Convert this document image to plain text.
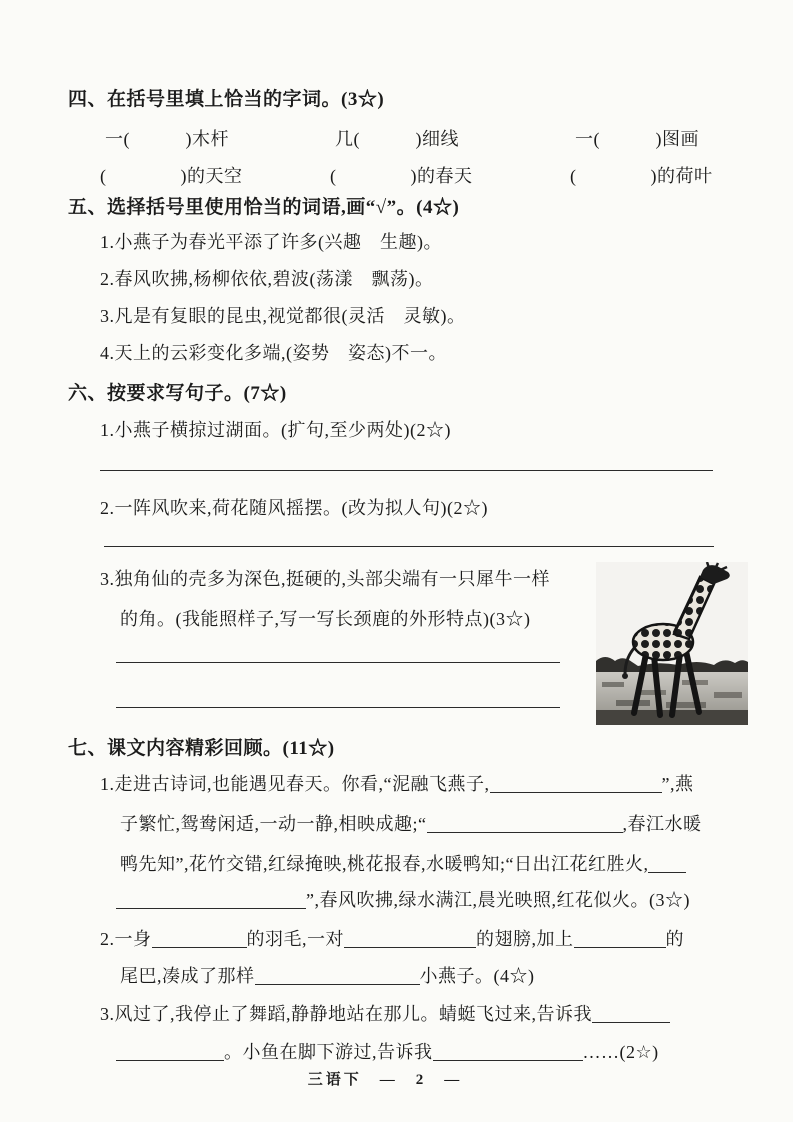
四、在括号里填上恰当的字词。(3☆)
一(　　　)木杆	几(　　　)细线	一(　　　)图画
(　　　　)的天空	(　　　　)的春天	(　　　　)的荷叶
五、选择括号里使用恰当的词语,画“√”。(4☆)
1.小燕子为春光平添了许多(兴趣　生趣)。
2.春风吹拂,杨柳依依,碧波(荡漾　飘荡)。
3.凡是有复眼的昆虫,视觉都很(灵活　灵敏)。
4.天上的云彩变化多端,(姿势　姿态)不一。
六、按要求写句子。(7☆)
1.小燕子横掠过湖面。(扩句,至少两处)(2☆)
2.一阵风吹来,荷花随风摇摆。(改为拟人句)(2☆)
3.独角仙的壳多为深色,挺硬的,头部尖端有一只犀牛一样
的角。(我能照样子,写一写长颈鹿的外形特点)(3☆)
七、课文内容精彩回顾。(11☆)
1.走进古诗词,也能遇见春天。你看,“泥融飞燕子,	”,燕
子繁忙,鸳鸯闲适,一动一静,相映成趣;“	,春江水暖
鸭先知”,花竹交错,红绿掩映,桃花报春,水暖鸭知;“日出江花红胜火,
”,春风吹拂,绿水满江,晨光映照,红花似火。(3☆)
2.一身	的羽毛,一对	的翅膀,加上	的
尾巴,凑成了那样	小燕子。(4☆)
3.风过了,我停止了舞蹈,静静地站在那儿。蜻蜓飞过来,告诉我
。小鱼在脚下游过,告诉我	……(2☆)
三语下　—　2　—
